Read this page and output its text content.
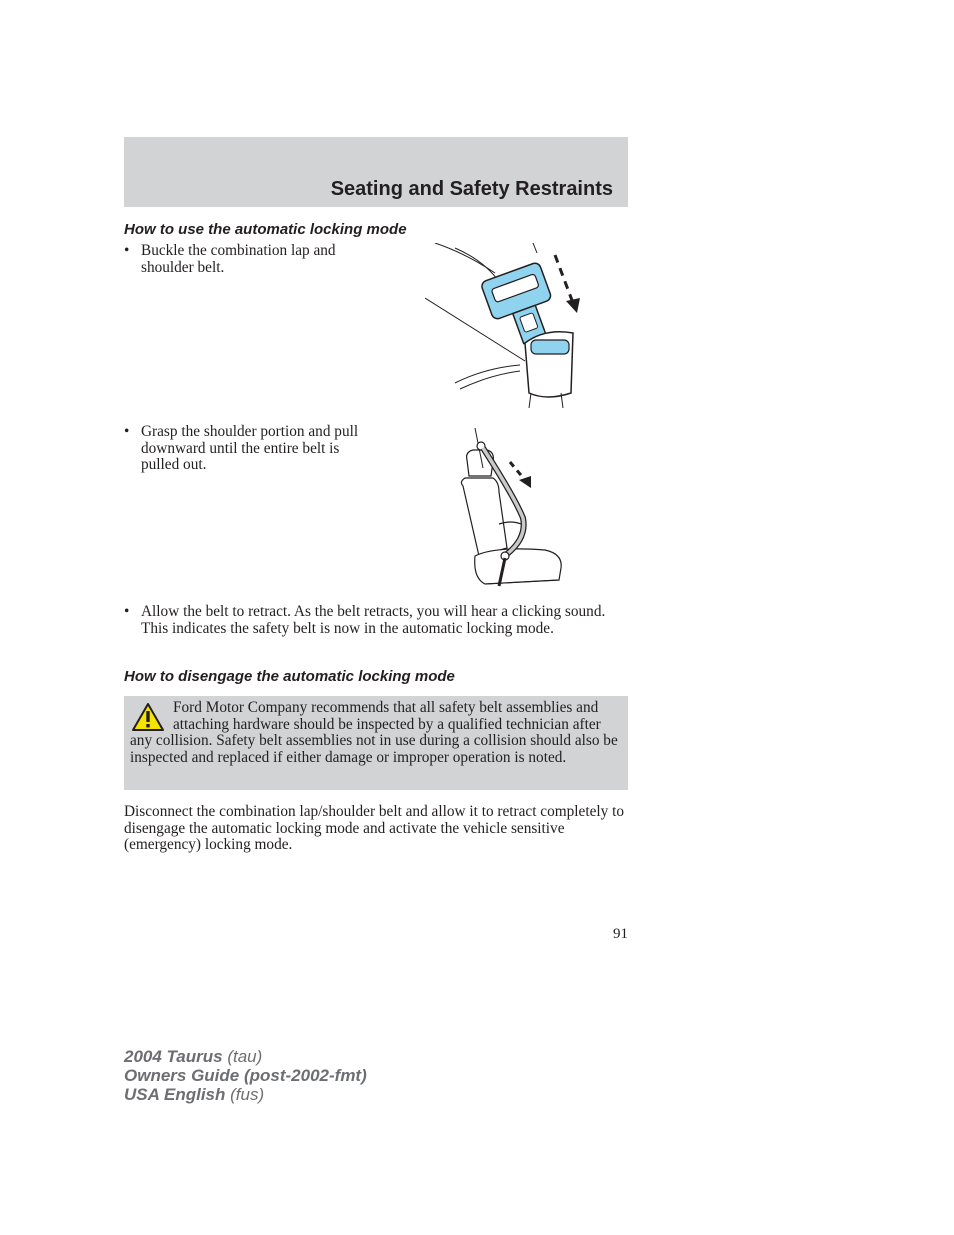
Seating and Safety Restraints
How to use the automatic locking mode
• Buckle the combination lap and shoulder belt.
• Grasp the shoulder portion and pull downward until the entire belt is pulled out.
• Allow the belt to retract. As the belt retracts, you will hear a clicking sound. This indicates the safety belt is now in the automatic locking mode.
How to disengage the automatic locking mode
Ford Motor Company recommends that all safety belt assemblies and attaching hardware should be inspected by a qualified technician after any collision. Safety belt assemblies not in use during a collision should also be inspected and replaced if either damage or improper operation is noted.
Disconnect the combination lap/shoulder belt and allow it to retract completely to disengage the automatic locking mode and activate the vehicle sensitive (emergency) locking mode.
91
2004 Taurus (tau)
Owners Guide (post-2002-fmt)
USA English (fus)
